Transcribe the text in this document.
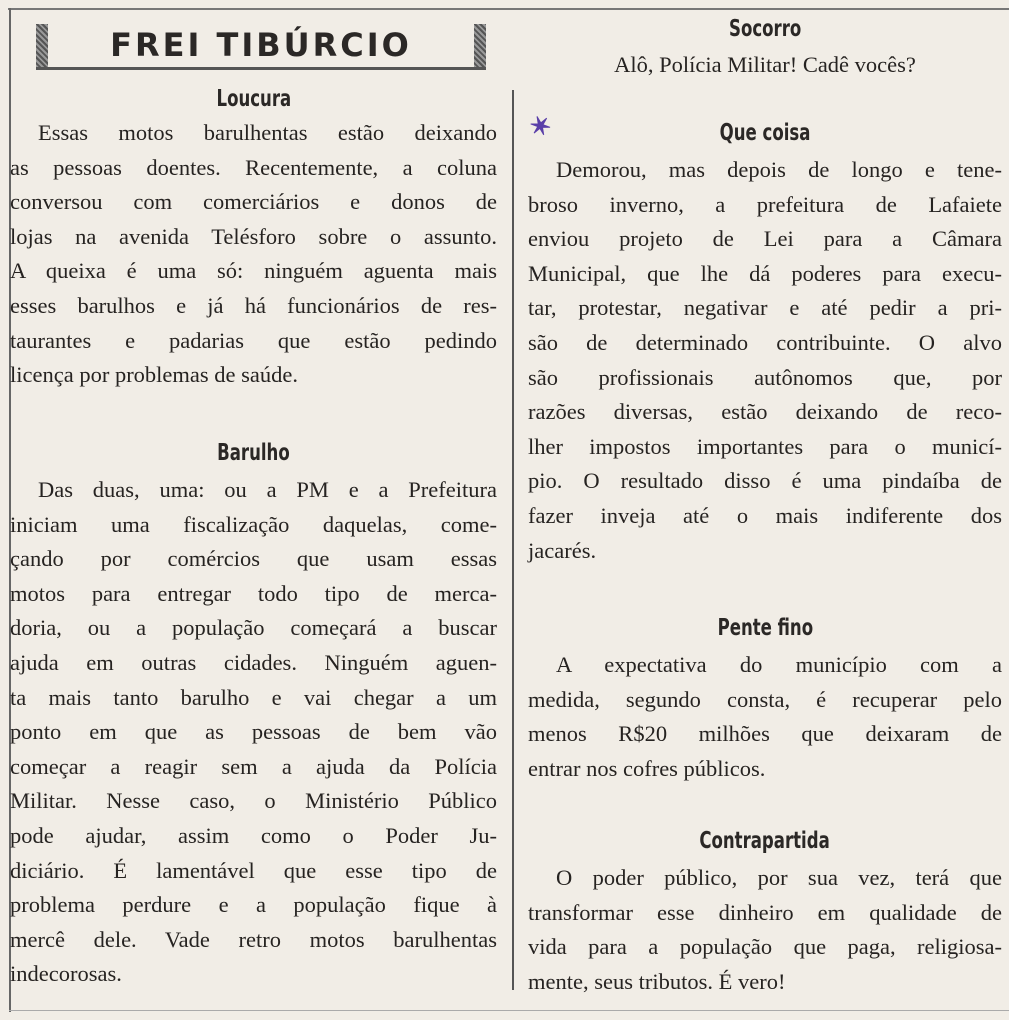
FREI TIBÚRCIO
✶
Loucura
Essas motos barulhentas estão deixando
as pessoas doentes. Recentemente, a coluna
conversou com comerciários e donos de
lojas na avenida Telésforo sobre o assunto.
A queixa é uma só: ninguém aguenta mais
esses barulhos e já há funcionários de res-
taurantes e padarias que estão pedindo
licença por problemas de saúde.
Barulho
Das duas, uma: ou a PM e a Prefeitura
iniciam uma fiscalização daquelas, come-
çando por comércios que usam essas
motos para entregar todo tipo de merca-
doria, ou a população começará a buscar
ajuda em outras cidades. Ninguém aguen-
ta mais tanto barulho e vai chegar a um
ponto em que as pessoas de bem vão
começar a reagir sem a ajuda da Polícia
Militar. Nesse caso, o Ministério Público
pode ajudar, assim como o Poder Ju-
diciário. É lamentável que esse tipo de
problema perdure e a população fique à
mercê dele. Vade retro motos barulhentas
indecorosas.
Socorro
Alô, Polícia Militar! Cadê vocês?
Que coisa
Demorou, mas depois de longo e tene-
broso inverno, a prefeitura de Lafaiete
enviou projeto de Lei para a Câmara
Municipal, que lhe dá poderes para execu-
tar, protestar, negativar e até pedir a pri-
são de determinado contribuinte. O alvo
são profissionais autônomos que, por
razões diversas, estão deixando de reco-
lher impostos importantes para o municí-
pio. O resultado disso é uma pindaíba de
fazer inveja até o mais indiferente dos
jacarés.
Pente fino
A expectativa do município com a
medida, segundo consta, é recuperar pelo
menos R$20 milhões que deixaram de
entrar nos cofres públicos.
Contrapartida
O poder público, por sua vez, terá que
transformar esse dinheiro em qualidade de
vida para a população que paga, religiosa-
mente, seus tributos. É vero!
